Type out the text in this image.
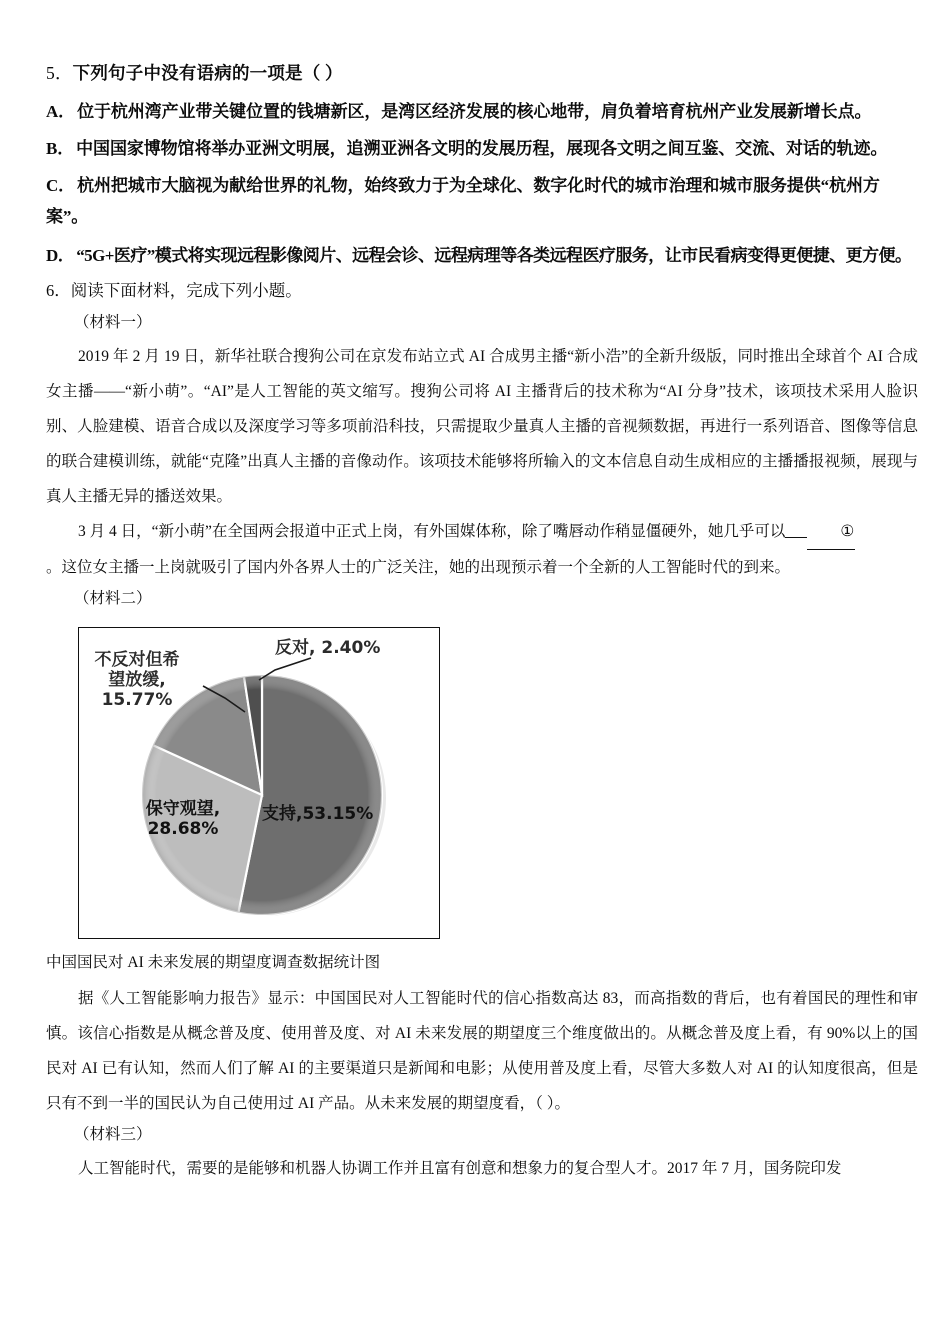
5．下列句子中没有语病的一项是（ ）

A． 位于杭州湾产业带关键位置的钱塘新区，是湾区经济发展的核心地带，肩负着培育杭州产业发展新增长点。

B． 中国国家博物馆将举办亚洲文明展，追溯亚洲各文明的发展历程，展现各文明之间互鉴、交流、对话的轨迹。

C． 杭州把城市大脑视为献给世界的礼物，始终致力于为全球化、数字化时代的城市治理和城市服务提供“杭州方

案”。

D． “5G+医疗”模式将实现远程影像阅片、远程会诊、远程病理等各类远程医疗服务，让市民看病变得更便捷、更方便。

6．阅读下面材料，完成下列小题。

（材料一）

2019 年 2 月 19 日，新华社联合搜狗公司在京发布站立式 AI 合成男主播“新小浩”的全新升级版，同时推出全球首个 AI 合成女主播——“新小萌”。“AI”是人工智能的英文缩写。搜狗公司将 AI 主播背后的技术称为“AI 分身”技术，该项技术采用人脸识别、人脸建模、语音合成以及深度学习等多项前沿科技，只需提取少量真人主播的音视频数据，再进行一系列语音、图像等信息的联合建模训练，就能“克隆”出真人主播的音像动作。该项技术能够将所输入的文本信息自动生成相应的主播播报视频，展现与真人主播无异的播送效果。

3 月 4 日，“新小萌”在全国两会报道中正式上岗，有外国媒体称，除了嘴唇动作稍显僵硬外，她几乎可以	①

。这位女主播一上岗就吸引了国内外各界人士的广泛关注，她的出现预示着一个全新的人工智能时代的到来。

（材料二）

反对, 2.40%
不反对但希
望放缓,
15.77%
保守观望,
28.68%
支持,53.15%

中国国民对 AI 未来发展的期望度调查数据统计图

据《人工智能影响力报告》显示：中国国民对人工智能时代的信心指数高达 83，而高指数的背后，也有着国民的理性和审慎。该信心指数是从概念普及度、使用普及度、对 AI 未来发展的期望度三个维度做出的。从概念普及度上看，有 90%以上的国民对 AI 已有认知，然而人们了解 AI 的主要渠道只是新闻和电影；从使用普及度上看，尽管大多数人对 AI 的认知度很高，但是只有不到一半的国民认为自己使用过 AI 产品。从未来发展的期望度看，（ ）。

（材料三）

人工智能时代，需要的是能够和机器人协调工作并且富有创意和想象力的复合型人才。2017 年 7 月，国务院印发
